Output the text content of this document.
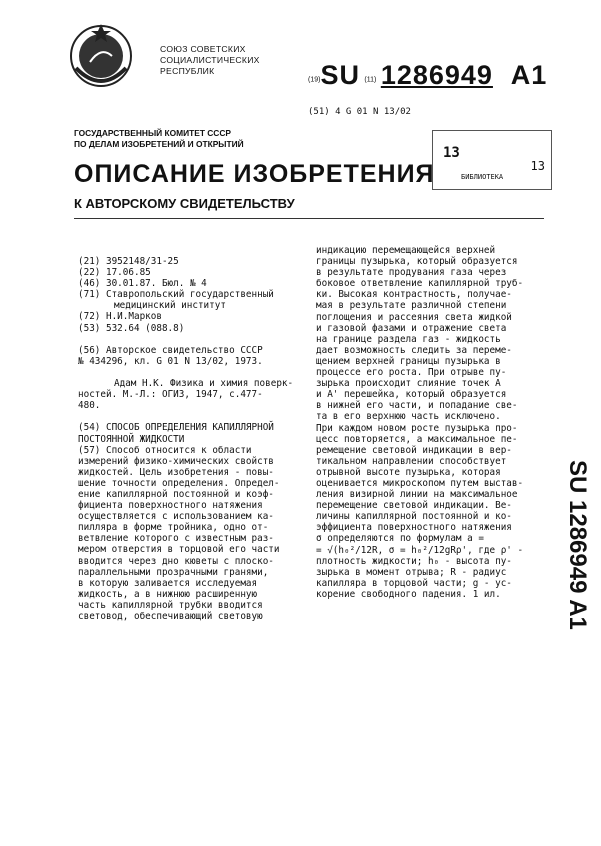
СОЮЗ СОВЕТСКИХ
СОЦИАЛИСТИЧЕСКИХ
РЕСПУБЛИК
(19)SU (11) 1286949 A1
(51) 4 G 01 N 13/02
ГОСУДАРСТВЕННЫЙ КОМИТЕТ СССР
ПО ДЕЛАМ ИЗОБРЕТЕНИЙ И ОТКРЫТИЙ
13
13
БИБЛИОТЕКА
ОПИСАНИЕ ИЗОБРЕТЕНИЯ
К АВТОРСКОМУ СВИДЕТЕЛЬСТВУ
(21) 3952148/31-25
(22) 17.06.85
(46) 30.01.87. Бюл. № 4
(71) Ставропольский государственный
медицинский институт
(72) Н.И.Марков
(53) 532.64 (088.8)
(56) Авторское свидетельство СССР
№ 434296, кл. G 01 N 13/02, 1973.
Адам Н.К. Физика и химия поверк-
ностей. М.-Л.: ОГИЗ, 1947, с.477-
480.
(54) СПОСОБ ОПРЕДЕЛЕНИЯ КАПИЛЛЯРНОЙ
ПОСТОЯННОЙ ЖИДКОСТИ
(57) Способ относится к области
измерений физико-химических свойств
жидкостей. Цель изобретения - повы-
шение точности определения. Определ-
ение капиллярной постоянной и коэф-
фициента поверхностного натяжения
осуществляется с использованием ка-
пилляра в форме тройника, одно от-
ветвление которого с известным раз-
мером отверстия в торцовой его части
вводится через дно кюветы с плоско-
параллельными прозрачными гранями,
в которую заливается исследуемая
жидкость, а в нижнюю расширенную
часть капиллярной трубки вводится
световод, обеспечивающий световую
индикацию перемещающейся верхней
границы пузырька, который образуется
в результате продувания газа через
боковое ответвление капиллярной труб-
ки. Высокая контрастность, получае-
мая в результате различной степени
поглощения и рассеяния света жидкой
и газовой фазами и отражение света
на границе раздела газ - жидкость
дает возможность следить за переме-
щением верхней границы пузырька в
процессе его роста. При отрыве пу-
зырька происходит слияние точек A
и A' перешейка, который образуется
в нижней его части, и попадание све-
та в его верхнюю часть исключено.
При каждом новом росте пузырька про-
цесс повторяется, а максимальное пе-
ремещение световой индикации в вер-
тикальном направлении способствует
отрывной высоте пузырька, которая
оценивается микроскопом путем выстав-
ления визирной линии на максимальное
перемещение световой индикации. Ве-
личины капиллярной постоянной и ко-
эффициента поверхностного натяжения
σ определяются по формулам a =
= √(h₀²/12R, σ = h₀²/12gRρ', где ρ' -
плотность жидкости; h₀ - высота пу-
зырька в момент отрыва; R - радиус
капилляра в торцовой части; g - ус-
корение свободного падения. 1 ил.	SU 1286949 A1
